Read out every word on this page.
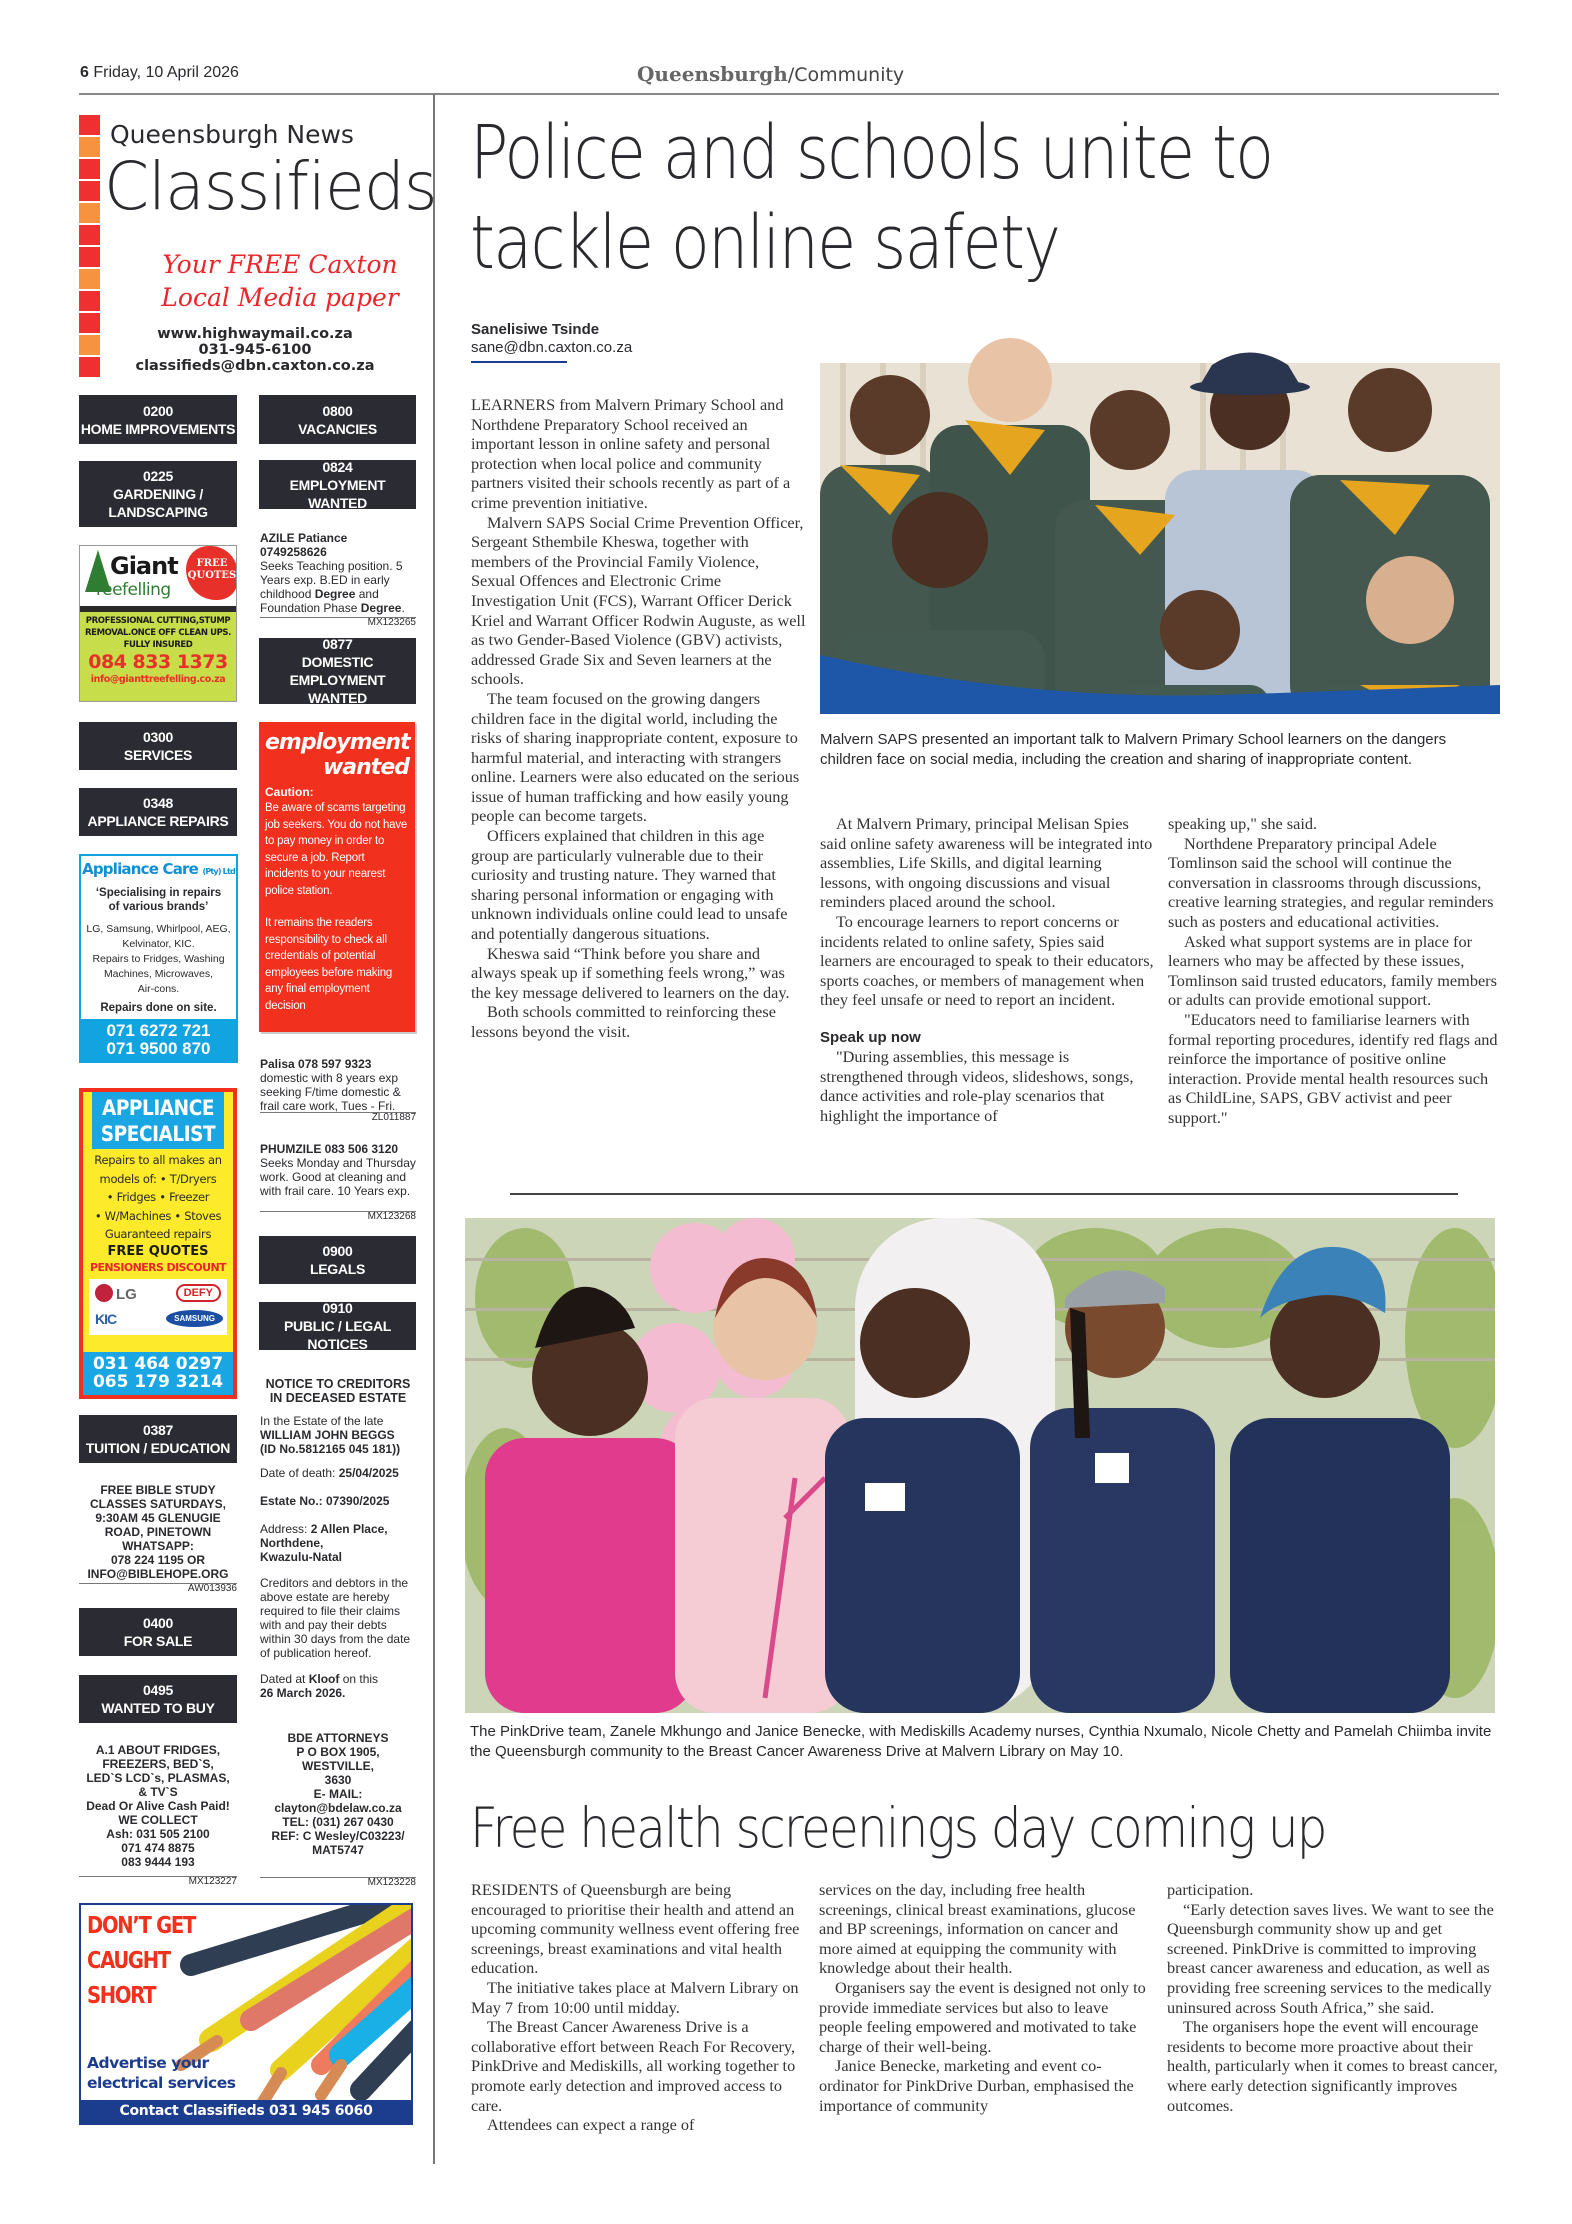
6 Friday, 10 April 2026	Queensburgh/Community
Queensburgh News
Classifieds
Your FREE Caxton
Local Media paper
www.highwaymail.co.za
031-945-6100
classifieds@dbn.caxton.co.za
0200
HOME IMPROVEMENTS
0225
GARDENING /
LANDSCAPING
0300
SERVICES
0348
APPLIANCE REPAIRS
0387
TUITION / EDUCATION
0400
FOR SALE
0495
WANTED TO BUY
0800
VACANCIES
0824
EMPLOYMENT WANTED
0877
DOMESTIC EMPLOYMENT
WANTED
0900
LEGALS
0910
PUBLIC / LEGAL NOTICES
Giant
reefelling
FREE
QUOTES
PROFESSIONAL CUTTING,STUMP
REMOVAL.ONCE OFF CLEAN UPS.
FULLY INSURED
084 833 1373
info@gianttreefelling.co.za
AZILE Patiance
0749258626
Seeks Teaching position. 5 Years exp. B.ED in early childhood Degree and Foundation Phase Degree.
MX123265
employment
wanted
Caution:
Be aware of scams targeting job seekers. You do not have to pay money in order to secure a job. Report incidents to your nearest police station.
It remains the readers responsibility to check all credentials of potential employees before making any final employment decision
Appliance Care (Pty) Ltd
‘Specialising in repairs
of various brands’
LG, Samsung, Whirlpool, AEG,
Kelvinator, KIC.
Repairs to Fridges, Washing
Machines, Microwaves,
Air-cons.
Repairs done on site.
071 6272 721
071 9500 870
Palisa 078 597 9323
domestic with 8 years exp seeking F/time domestic & frail care work, Tues - Fri.
ZL011887
PHUMZILE 083 506 3120
Seeks Monday and Thursday work. Good at cleaning and with frail care. 10 Years exp.
MX123268
APPLIANCE
SPECIALIST
Repairs to all makes an
models of: • T/Dryers
• Fridges • Freezer
• W/Machines • Stoves
Guaranteed repairs
FREE QUOTES
PENSIONERS DISCOUNT
LG	DEFY
KIC	SAMSUNG
031 464 0297
065 179 3214	NOTICE TO CREDITORS
IN DECEASED ESTATE
In the Estate of the late
WILLIAM JOHN BEGGS
(ID No.5812165 045 181))
Date of death: 25/04/2025
Estate No.: 07390/2025
Address: 2 Allen Place,
Northdene,
Kwazulu-Natal
Creditors and debtors in the above estate are hereby required to file their claims with and pay their debts within 30 days from the date of publication hereof.
Dated at Kloof on this
26 March 2026.
BDE ATTORNEYS
P O BOX 1905,
WESTVILLE,
3630
E- MAIL:
clayton@bdelaw.co.za
TEL: (031) 267 0430
REF: C Wesley/C03223/
MAT5747
MX123228
FREE BIBLE STUDY
CLASSES SATURDAYS,
9:30AM 45 GLENUGIE
ROAD, PINETOWN
WHATSAPP:
078 224 1195 OR
INFO@BIBLEHOPE.ORG
AW013936
A.1 ABOUT FRIDGES,
FREEZERS, BED`S,
LED`S LCD`s, PLASMAS,
& TV`S
Dead Or Alive Cash Paid!
WE COLLECT
Ash: 031 505 2100
071 474 8875
083 9444 193
MX123227
DON’T GET
CAUGHT
SHORT
Advertise your
electrical services
Contact Classifieds 031 945 6060
Police and schools unite to
tackle online safety
Sanelisiwe Tsinde
sane@dbn.caxton.co.za
Malvern SAPS presented an important talk to Malvern Primary School learners on the dangers children face on social media, including the creation and sharing of inappropriate content.

LEARNERS from Malvern Primary School and Northdene Preparatory School received an important lesson in online safety and personal protection when local police and community partners visited their schools recently as part of a crime prevention initiative.

Malvern SAPS Social Crime Prevention Officer, Sergeant Sthembile Kheswa, together with members of the Provincial Family Violence, Sexual Offences and Electronic Crime Investigation Unit (FCS), Warrant Officer Derick Kriel and Warrant Officer Rodwin Auguste, as well as two Gender-Based Violence (GBV) activists, addressed Grade Six and Seven learners at the schools.

The team focused on the growing dangers children face in the digital world, including the risks of sharing inappropriate content, exposure to harmful material, and interacting with strangers online. Learners were also educated on the serious issue of human trafficking and how easily young people can become targets.

Officers explained that children in this age group are particularly vulnerable due to their curiosity and trusting nature. They warned that sharing personal information or engaging with unknown individuals online could lead to unsafe and potentially dangerous situations.

Kheswa said “Think before you share and always speak up if something feels wrong,” was the key message delivered to learners on the day.

Both schools committed to reinforcing these lessons beyond the visit.

At Malvern Primary, principal Melisan Spies said online safety awareness will be integrated into assemblies, Life Skills, and digital learning lessons, with ongoing discussions and visual reminders placed around the school.

To encourage learners to report concerns or incidents related to online safety, Spies said learners are encouraged to speak to their educators, sports coaches, or members of management when they feel unsafe or need to report an incident.

Speak up now

"During assemblies, this message is strengthened through videos, slideshows, songs, dance activities and role-play scenarios that highlight the importance of

speaking up," she said.

Northdene Preparatory principal Adele Tomlinson said the school will continue the conversation in classrooms through discussions, creative learning strategies, and regular reminders such as posters and educational activities.

Asked what support systems are in place for learners who may be affected by these issues, Tomlinson said trusted educators, family members or adults can provide emotional support.

"Educators need to familiarise learners with formal reporting procedures, identify red flags and reinforce the importance of positive online interaction. Provide mental health resources such as ChildLine, SAPS, GBV activist and peer support."

The PinkDrive team, Zanele Mkhungo and Janice Benecke, with Mediskills Academy nurses, Cynthia Nxumalo, Nicole Chetty and Pamelah Chiimba invite the Queensburgh community to the Breast Cancer Awareness Drive at Malvern Library on May 10.
Free health screenings day coming up

RESIDENTS of Queensburgh are being encouraged to prioritise their health and attend an upcoming community wellness event offering free screenings, breast examinations and vital health education.

The initiative takes place at Malvern Library on May 7 from 10:00 until midday.

The Breast Cancer Awareness Drive is a collaborative effort between Reach For Recovery, PinkDrive and Mediskills, all working together to promote early detection and improved access to care.

Attendees can expect a range of

services on the day, including free health screenings, clinical breast examinations, glucose and BP screenings, information on cancer and more aimed at equipping the community with knowledge about their health.

Organisers say the event is designed not only to provide immediate services but also to leave people feeling empowered and motivated to take charge of their well-being.

Janice Benecke, marketing and event co-ordinator for PinkDrive Durban, emphasised the importance of community

participation.

“Early detection saves lives. We want to see the Queensburgh community show up and get screened. PinkDrive is committed to improving breast cancer awareness and education, as well as providing free screening services to the medically uninsured across South Africa,” she said.

The organisers hope the event will encourage residents to become more proactive about their health, particularly when it comes to breast cancer, where early detection significantly improves outcomes.
